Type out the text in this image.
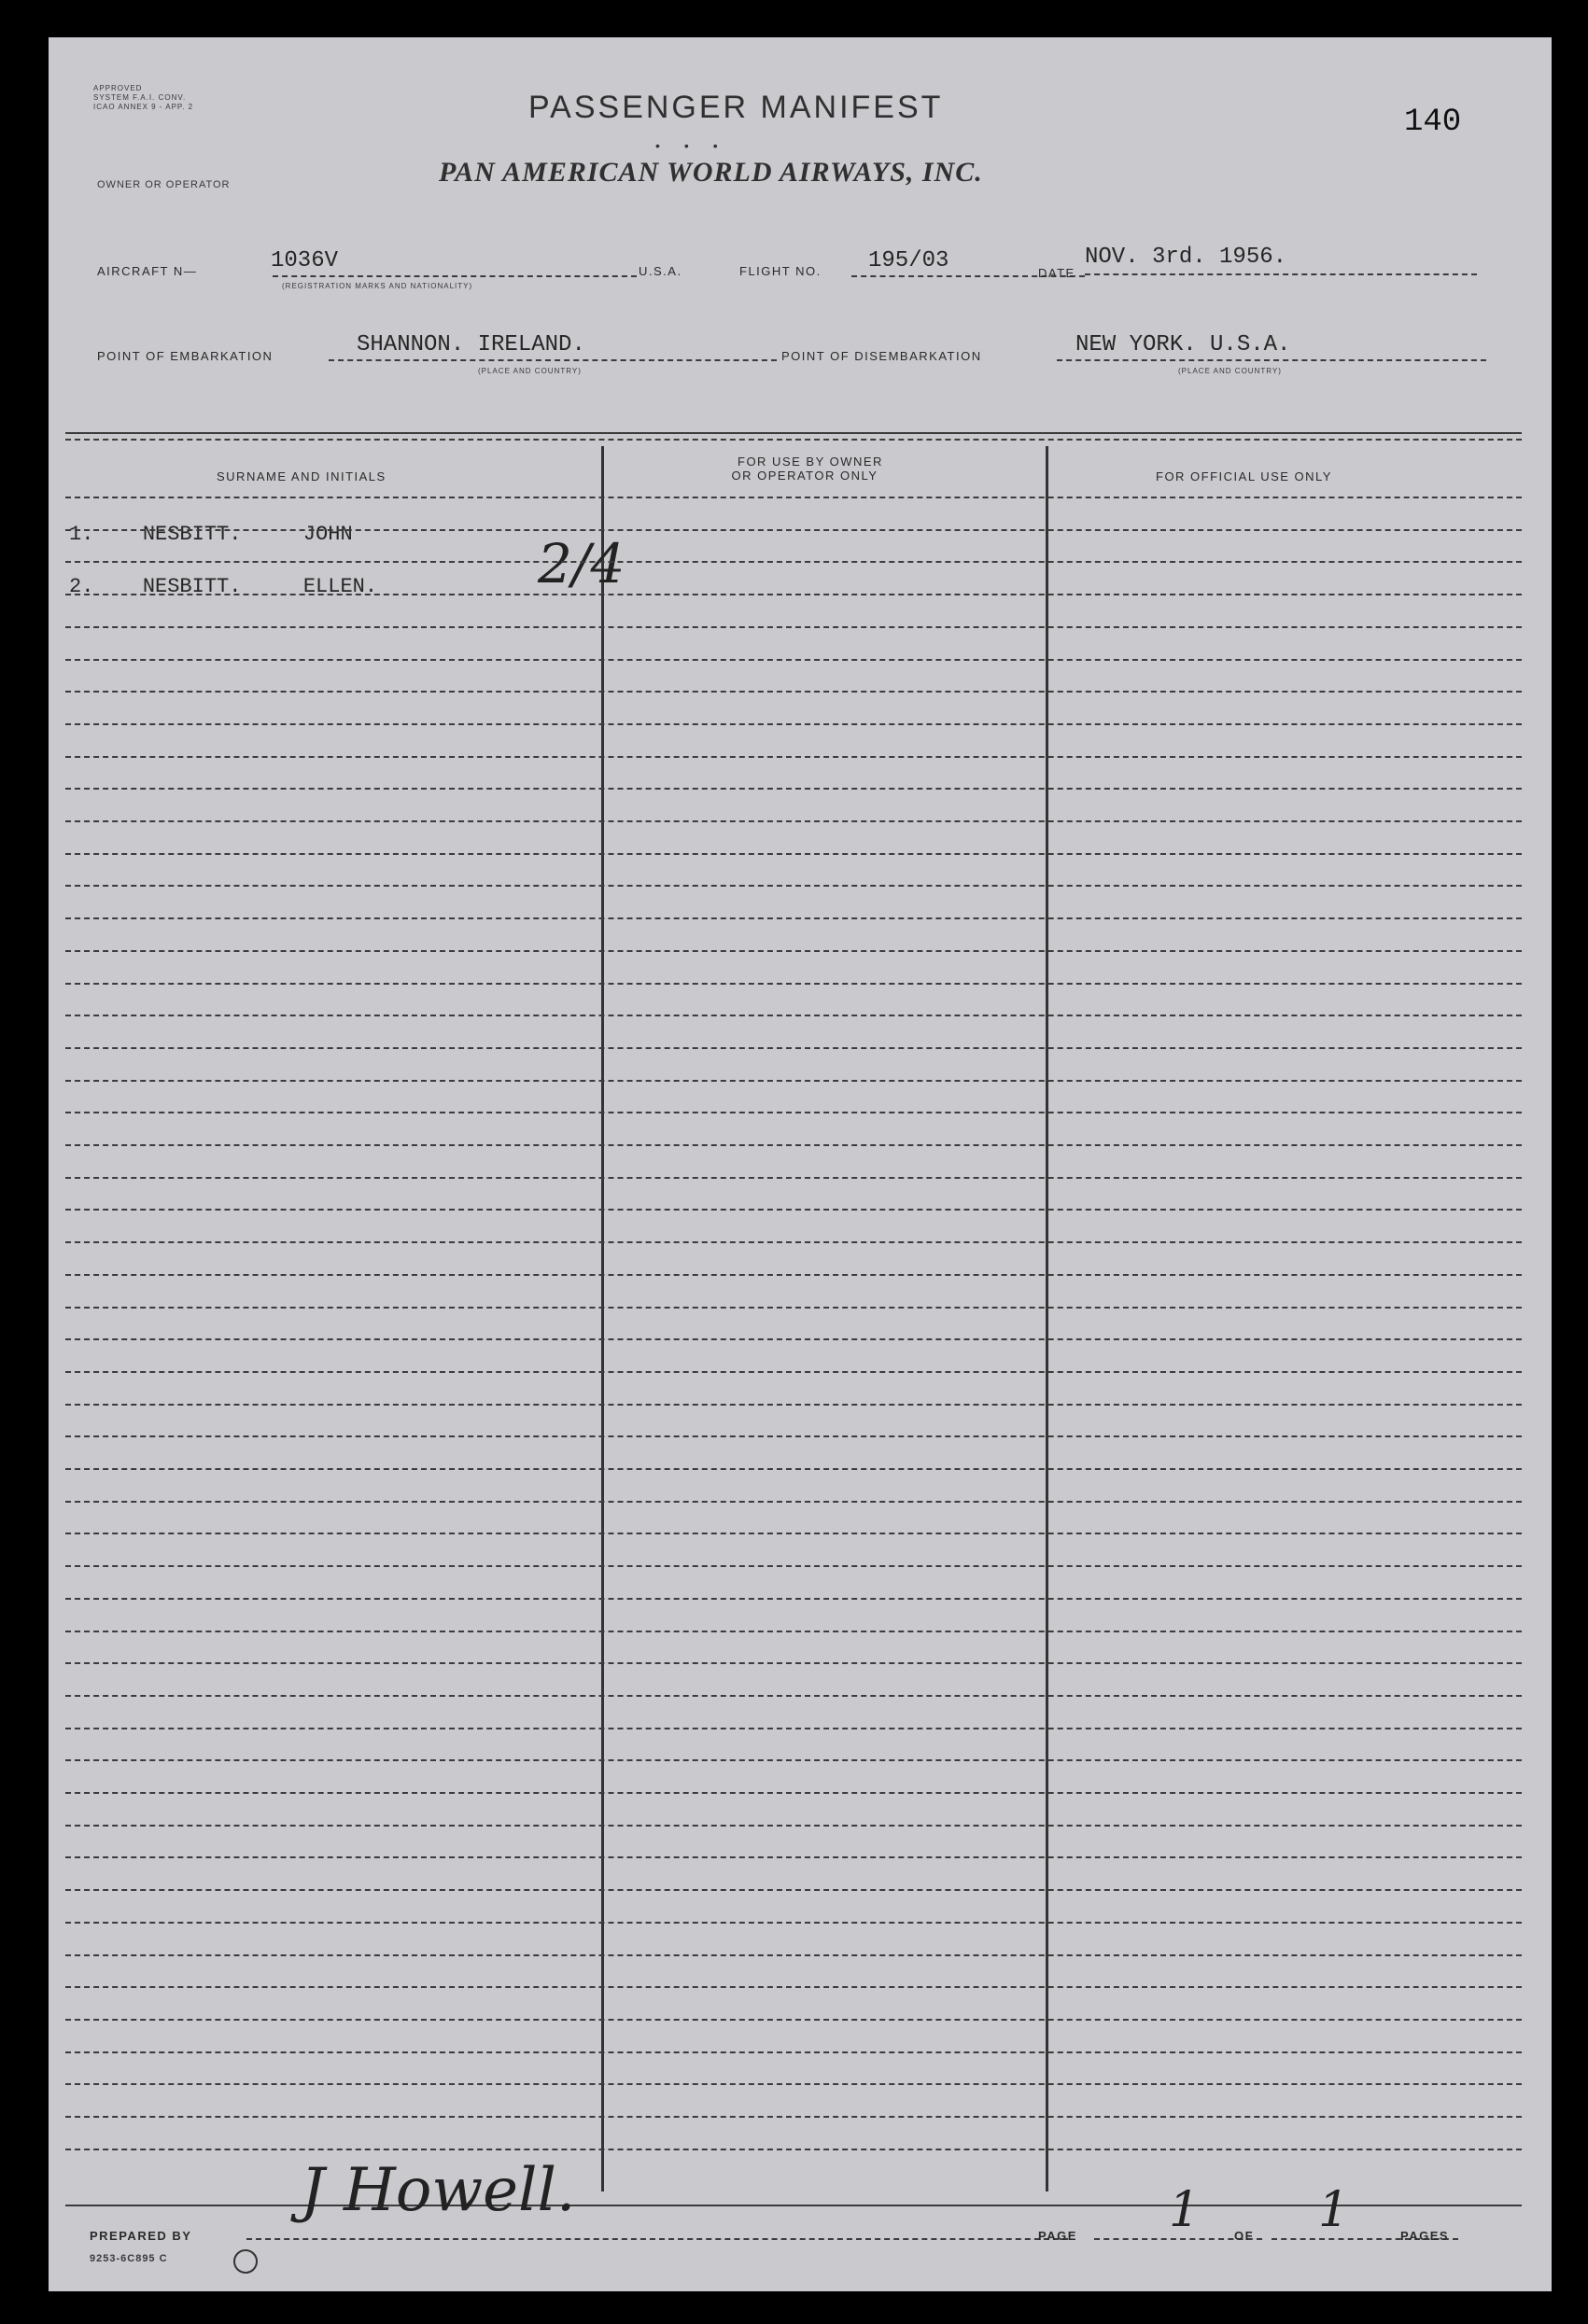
APPROVED
SYSTEM F.A.I. CONV.
ICAO ANNEX 9 - APP. 2	PASSENGER MANIFEST
•••
140
OWNER OR OPERATOR	PAN AMERICAN WORLD AIRWAYS, INC.
AIRCRAFT N—	1036V
(REGISTRATION MARKS AND NATIONALITY)
U.S.A.	FLIGHT NO. 195/03	DATE
NOV. 3rd. 1956.
POINT OF EMBARKATION	SHANNON. IRELAND.
(PLACE AND COUNTRY)
POINT OF DISEMBARKATION	NEW YORK. U.S.A.
(PLACE AND COUNTRY)
SURNAME AND INITIALS
FOR USE BY OWNER
OR OPERATOR ONLY	FOR OFFICIAL USE ONLY
1. NESBITT.	JOHN
2. NESBITT.	ELLEN.	2/4
J Howell.
PREPARED BY	PAGE 1	OF 1	PAGES
9253-6C895 C
